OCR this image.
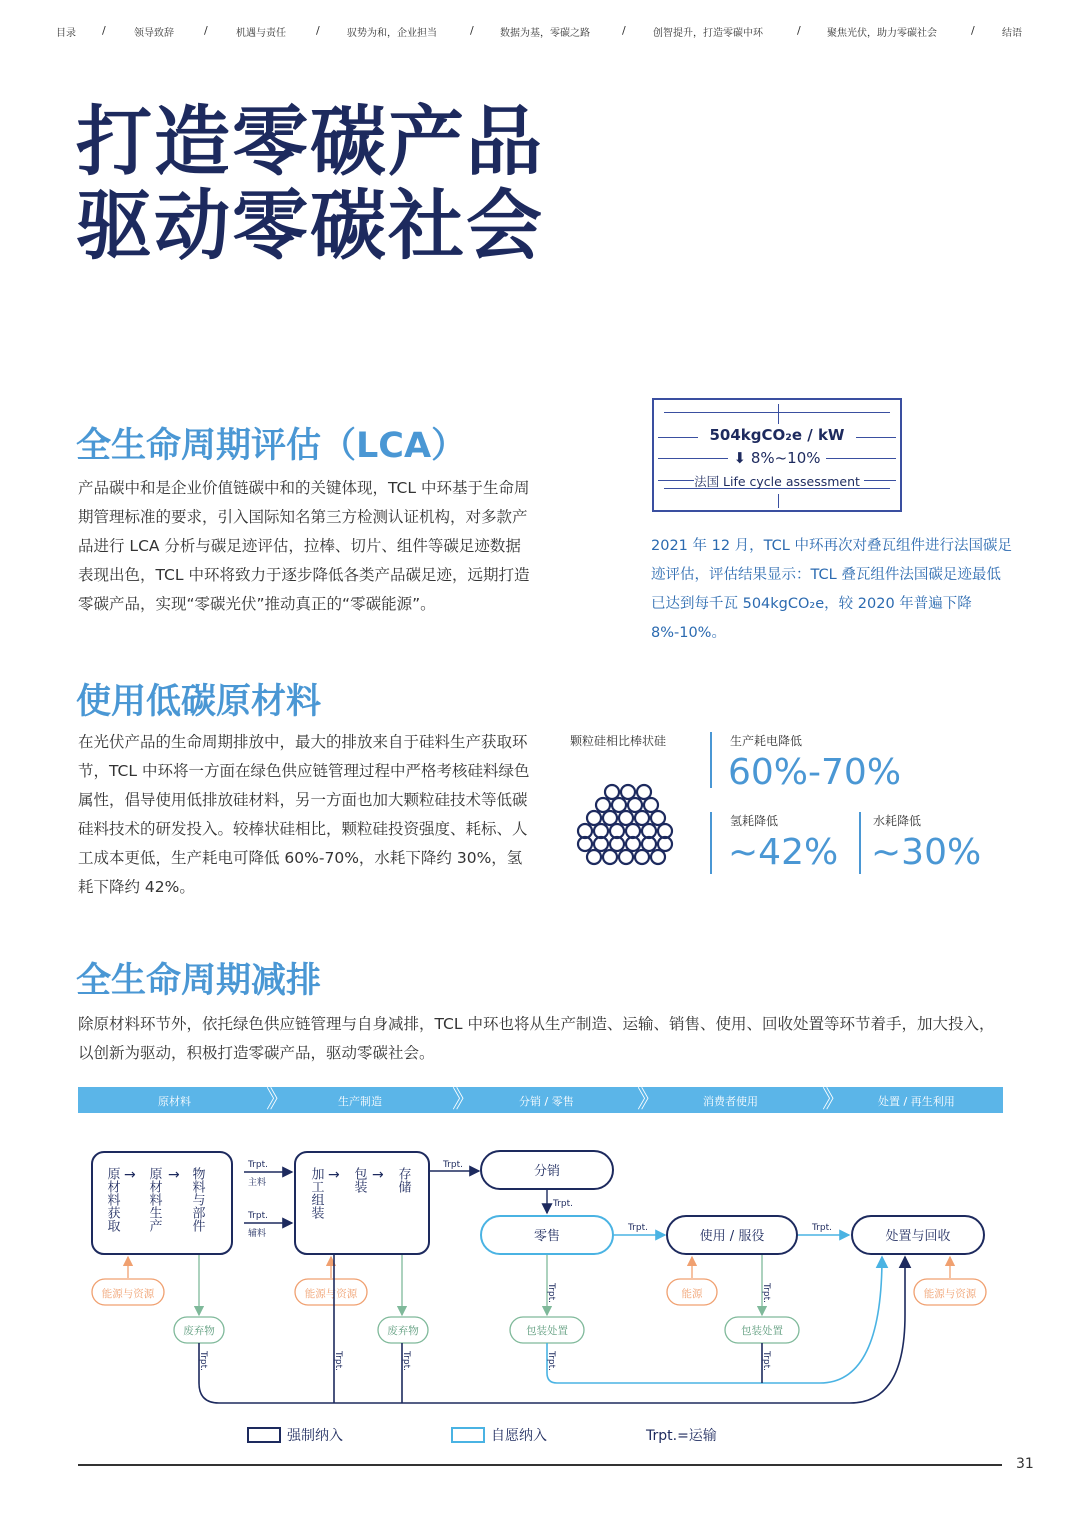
目录 /	领导致辞	/	机遇与责任	/	驭势为和，企业担当	/	数据为基，零碳之路	/	创智提升，打造零碳中环	/	聚焦光伏，助力零碳社会	/	结语
打造零碳产品
驱动零碳社会
全生命周期评估（LCA）
产品碳中和是企业价值链碳中和的关键体现，TCL 中环基于生命周期管理标准的要求，引入国际知名第三方检测认证机构，对多款产品进行 LCA 分析与碳足迹评估，拉棒、切片、组件等碳足迹数据表现出色，TCL 中环将致力于逐步降低各类产品碳足迹，远期打造零碳产品，实现“零碳光伏”推动真正的“零碳能源”。
504kgCO₂e / kW
⬇ 8%~10%
法国 Life cycle assessment
2021 年 12 月，TCL 中环再次对叠瓦组件进行法国碳足迹评估，评估结果显示：TCL 叠瓦组件法国碳足迹最低已达到每千瓦 504kgCO₂e，较 2020 年普遍下降 8%-10%。
使用低碳原材料
在光伏产品的生命周期排放中，最大的排放来自于硅料生产获取环节，TCL 中环将一方面在绿色供应链管理过程中严格考核硅料绿色属性，倡导使用低排放硅材料，另一方面也加大颗粒硅技术等低碳硅料技术的研发投入。较棒状硅相比，颗粒硅投资强度、耗标、人工成本更低，生产耗电可降低 60%-70%，水耗下降约 30%，氢耗下降约 42%。
颗粒硅相比棒状硅	生产耗电降低
60%-70%
氢耗降低
~42%
水耗降低
~30%
全生命周期减排
除原材料环节外，依托绿色供应链管理与自身减排，TCL 中环也将从生产制造、运输、销售、使用、回收处置等环节着手，加大投入，以创新为驱动，积极打造零碳产品，驱动零碳社会。
原材料	》	生产制造	》	分销 / 零售	》	消费者使用	》	处置 / 再生利用
原材料获取 原材料生产 物料与部件
→ →
Trpt.
主料
Trpt.
辅料
加工组装 包装 存储
→ →
Trpt.	分销
Trpt.
零售
Trpt.
使用 / 服役
Trpt.
处置与回收
能源与资源	能源与资源	能源	能源与资源
废弃物	废弃物
Trpt.
包装处置
Trpt.
包装处置
Trpt.	Trpt.	Trpt.	Trpt.	Trpt.
强制纳入	自愿纳入	Trpt.=运输
31
